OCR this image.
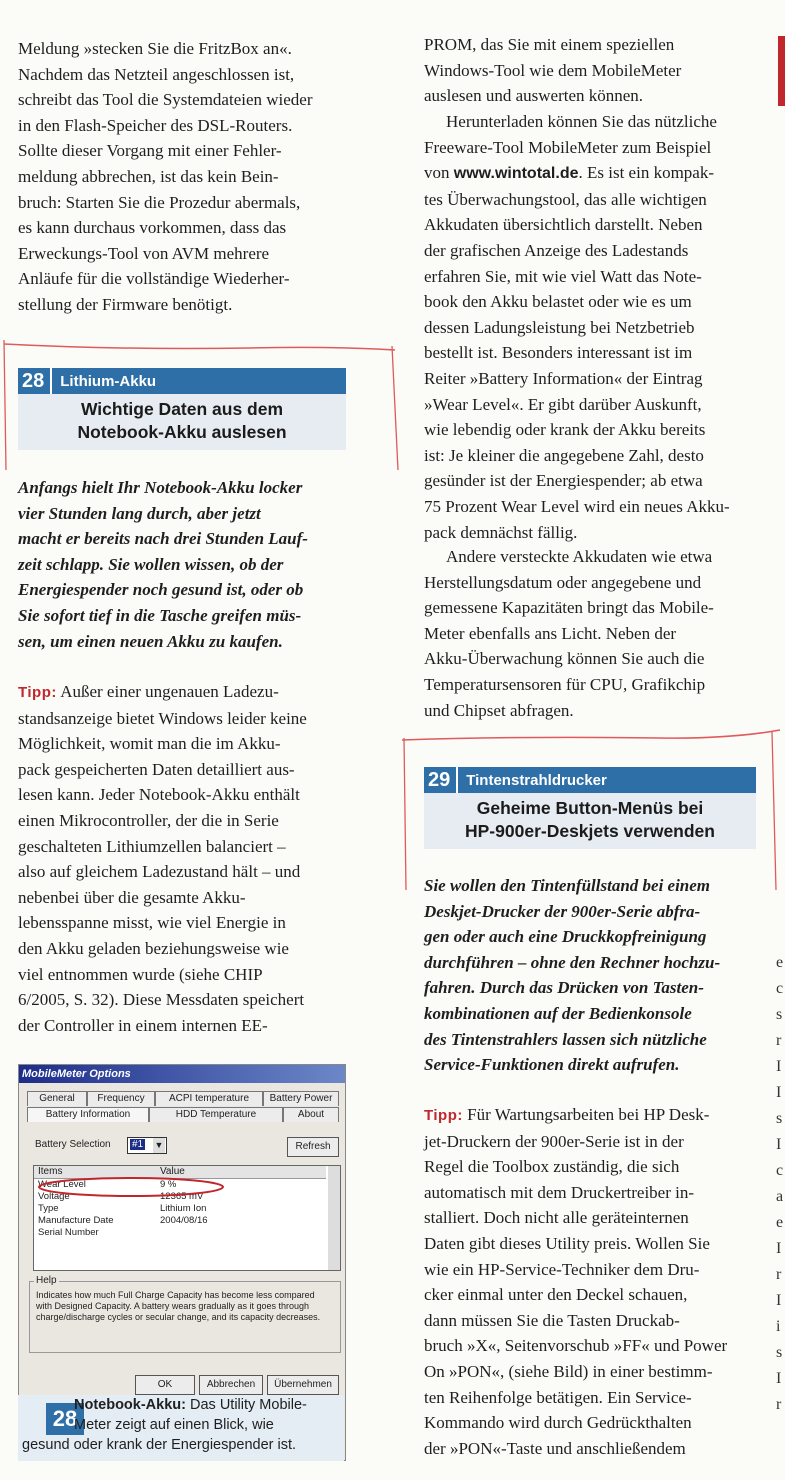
Meldung »stecken Sie die FritzBox an«.
Nachdem das Netzteil angeschlossen ist,
schreibt das Tool die Systemdateien wieder
in den Flash-Speicher des DSL-Routers.
Sollte dieser Vorgang mit einer Fehler-
meldung abbrechen, ist das kein Bein-
bruch: Starten Sie die Prozedur abermals,
es kann durchaus vorkommen, dass das
Erweckungs-Tool von AVM mehrere
Anläufe für die vollständige Wiederher-
stellung der Firmware benötigt.
28	Lithium-Akku
Wichtige Daten aus dem
Notebook-Akku auslesen
Anfangs hielt Ihr Notebook-Akku locker
vier Stunden lang durch, aber jetzt
macht er bereits nach drei Stunden Lauf-
zeit schlapp. Sie wollen wissen, ob der
Energiespender noch gesund ist, oder ob
Sie sofort tief in die Tasche greifen müs-
sen, um einen neuen Akku zu kaufen.
Tipp: Außer einer ungenauen Ladezu-
standsanzeige bietet Windows leider keine
Möglichkeit, womit man die im Akku-
pack gespeicherten Daten detailliert aus-
lesen kann. Jeder Notebook-Akku enthält
einen Mikrocontroller, der die in Serie
geschalteten Lithiumzellen balanciert –
also auf gleichem Ladezustand hält – und
nebenbei über die gesamte Akku-
lebensspanne misst, wie viel Energie in
den Akku geladen beziehungsweise wie
viel entnommen wurde (siehe CHIP
6/2005, S. 32). Diese Messdaten speichert
der Controller in einem internen EE-
MobileMeter Options
General	Frequency	ACPI temperature	Battery Power
Battery Information	HDD Temperature	About
Battery Selection #1 ▼	Refresh
Items	Value
Wear Level	9 %
Voltage	12365 mV
Type	Lithium Ion
Manufacture Date	2004/08/16
Serial Number
Help
Indicates how much Full Charge Capacity has become less compared with Designed Capacity. A battery wears gradually as it goes through charge/discharge cycles or secular change, and its capacity decreases.
OK	Abbrechen	Übernehmen
28
Notebook-Akku: Das Utility Mobile-
Meter zeigt auf einen Blick, wie
gesund oder krank der Energiespender ist.
PROM, das Sie mit einem speziellen
Windows-Tool wie dem MobileMeter
auslesen und auswerten können.
Herunterladen können Sie das nützliche
Freeware-Tool MobileMeter zum Beispiel
von www.wintotal.de. Es ist ein kompak-
tes Überwachungstool, das alle wichtigen
Akkudaten übersichtlich darstellt. Neben
der grafischen Anzeige des Ladestands
erfahren Sie, mit wie viel Watt das Note-
book den Akku belastet oder wie es um
dessen Ladungsleistung bei Netzbetrieb
bestellt ist. Besonders interessant ist im
Reiter »Battery Information« der Eintrag
»Wear Level«. Er gibt darüber Auskunft,
wie lebendig oder krank der Akku bereits
ist: Je kleiner die angegebene Zahl, desto
gesünder ist der Energiespender; ab etwa
75 Prozent Wear Level wird ein neues Akku-
pack demnächst fällig.
Andere versteckte Akkudaten wie etwa
Herstellungsdatum oder angegebene und
gemessene Kapazitäten bringt das Mobile-
Meter ebenfalls ans Licht. Neben der
Akku-Überwachung können Sie auch die
Temperatursensoren für CPU, Grafikchip
und Chipset abfragen.
29	Tintenstrahldrucker
Geheime Button-Menüs bei
HP-900er-Deskjets verwenden
Sie wollen den Tintenfüllstand bei einem
Deskjet-Drucker der 900er-Serie abfra-
gen oder auch eine Druckkopfreinigung
durchführen – ohne den Rechner hochzu-
fahren. Durch das Drücken von Tasten-
kombinationen auf der Bedienkonsole
des Tintenstrahlers lassen sich nützliche
Service-Funktionen direkt aufrufen.
Tipp: Für Wartungsarbeiten bei HP Desk-
jet-Druckern der 900er-Serie ist in der
Regel die Toolbox zuständig, die sich
automatisch mit dem Druckertreiber in-
stalliert. Doch nicht alle geräteinternen
Daten gibt dieses Utility preis. Wollen Sie
wie ein HP-Service-Techniker dem Dru-
cker einmal unter den Deckel schauen,
dann müssen Sie die Tasten Druckab-
bruch »X«, Seitenvorschub »FF« und Power
On »PON«, (siehe Bild) in einer bestimm-
ten Reihenfolge betätigen. Ein Service-
Kommando wird durch Gedrückthalten
der »PON«-Taste und anschließendem
e
c
s
r
I
I
s
I
c
a
e
I
r
I
i
s
I
r
